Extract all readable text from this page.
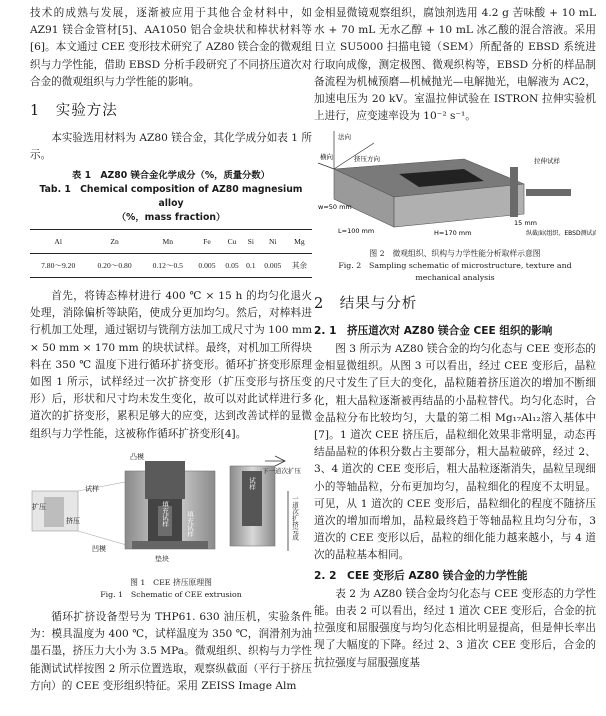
技术的成熟与发展，逐渐被应用于其他合金材料中，如 AZ91 镁合金管材[5]、AA1050 铝合金块状和棒状材料等[6]。本文通过 CEE 变形技术研究了 AZ80 镁合金的微观组织与力学性能，借助 EBSD 分析手段研究了不同挤压道次对合金的微观组织与力学性能的影响。

1　实验方法

本实验选用材料为 AZ80 镁合金，其化学成分如表 1 所示。

表 1　AZ80 镁合金化学成分（%，质量分数）
Tab. 1　Chemical composition of AZ80 magnesium alloy
（%，mass fraction）
Al	Zn	Mn	Fe	Cu	Si	Ni	Mg
7.80～9.20	0.20～0.80	0.12～0.5	0.005	0.05	0.1	0.005	其余

首先，将铸态棒材进行 400 ℃ × 15 h 的均匀化退火处理，消除偏析等缺陷，使成分更加均匀。然后，对棒料进行机加工处理，通过锯切与铣削方法加工成尺寸为 100 mm × 50 mm × 170 mm 的块状试样。最终，对机加工所得块料在 350 ℃ 温度下进行循环扩挤变形。循环扩挤变形原理如图 1 所示，试样经过一次扩挤变形（扩压变形与挤压变形）后，形状和尺寸均未发生变化，故可以对此试样进行多道次的扩挤变形，累积足够大的应变，达到改善试样的显微组织与力学性能，这被称作循环扩挤变形[4]。

凸模
试样
扩压
挤压
凹模
垫块
填充试样	填充试样
试样
下一道次扩压
一道次扩挤完成
图 1　CEE 挤压原理图
Fig. 1　Schematic of CEE extrusion

循环扩挤设备型号为 THP61. 630 油压机，实验条件为：模具温度为 400 ℃，试样温度为 350 ℃，润滑剂为油墨石墨，挤压力大小为 3.5 MPa。微观组织、织构与力学性能测试试样按图 2 所示位置选取，观察纵截面（平行于挤压方向）的 CEE 变形组织特征。采用 ZEISS Image Alm

金相显微镜观察组织，腐蚀剂选用 4.2 g 苦味酸 + 10 mL 水 + 70 mL 无水乙醇 + 10 mL 冰乙酸的混合溶液。采用日立 SU5000 扫描电镜（SEM）所配备的 EBSD 系统进行取向成像，测定极图、微观织构等，EBSD 分析的样品制备流程为机械预磨—机械抛光—电解抛光，电解液为 AC2，加速电压为 20 kV。室温拉伸试验在 ISTRON 拉伸实验机上进行，应变速率设为 10⁻² s⁻¹。

横向
法向
挤压方向	拉伸试样
w=50 mm
L=100 mm	H=170 mm
15 mm
纵截面(组织、EBSD测试面)
图 2　微观组织、织构与力学性能分析取样示意图
Fig. 2　Sampling schematic of microstructure, texture and
mechanical analysis
2　结果与分析
2. 1　挤压道次对 AZ80 镁合金 CEE 组织的影响

图 3 所示为 AZ80 镁合金的均匀化态与 CEE 变形态的金相显微组织。从图 3 可以看出，经过 CEE 变形后，晶粒的尺寸发生了巨大的变化，晶粒随着挤压道次的增加不断细化，粗大晶粒逐渐被再结晶的小晶粒替代。均匀化态时，合金晶粒分布比较均匀，大量的第二相 Mg₁₇Al₁₂溶入基体中[7]。1 道次 CEE 挤压后，晶粒细化效果非常明显，动态再结晶晶粒的体积分数占主要部分，粗大晶粒破碎，经过 2、3、4 道次的 CEE 变形后，粗大晶粒逐渐消失，晶粒呈现细小的等轴晶粒，分布更加均匀，晶粒细化的程度不太明显。可见，从 1 道次的 CEE 变形后，晶粒细化的程度不随挤压道次的增加而增加，晶粒最终趋于等轴晶粒且均匀分布，3 道次的 CEE 变形以后，晶粒的细化能力越来越小，与 4 道次的晶粒基本相同。

2. 2　CEE 变形后 AZ80 镁合金的力学性能

表 2 为 AZ80 镁合金均匀化态与 CEE 变形态的力学性能。由表 2 可以看出，经过 1 道次 CEE 变形后，合金的抗拉强度和屈服强度与均匀化态相比明显提高，但是伸长率出现了大幅度的下降。经过 2、3 道次 CEE 变形后，合金的抗拉强度与屈服强度基
